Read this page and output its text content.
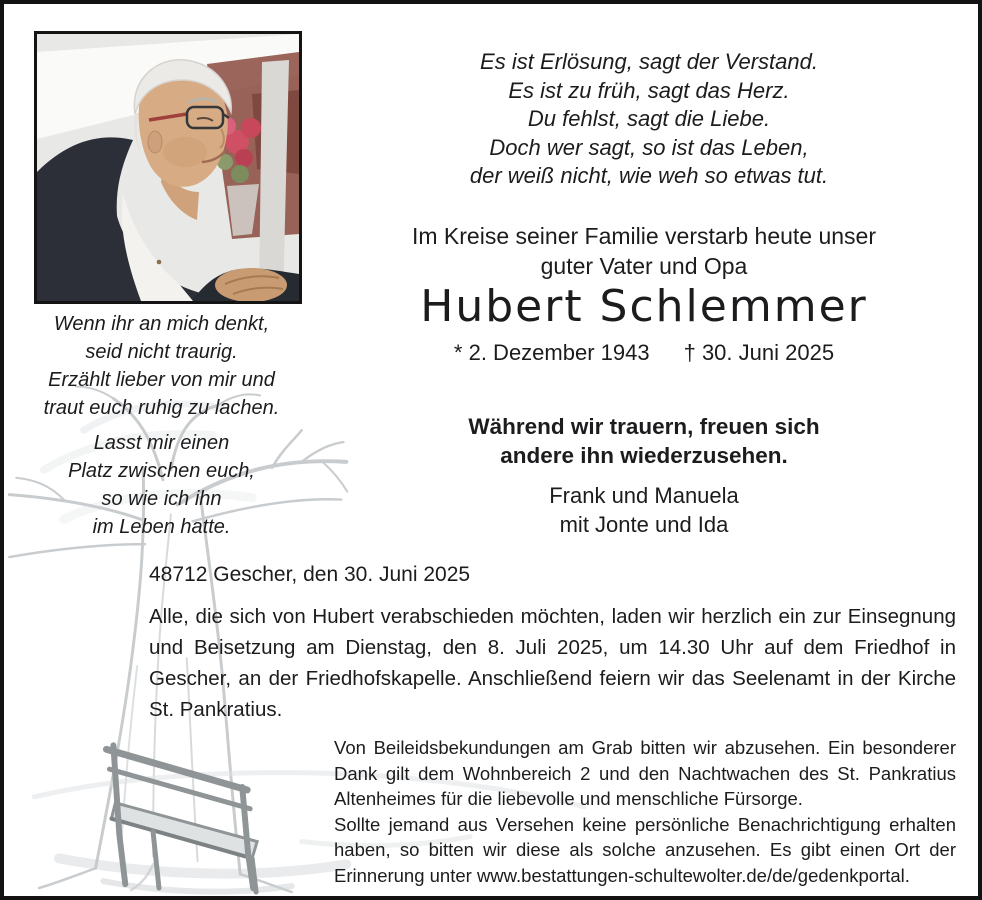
Es ist Erlösung, sagt der Verstand.
Es ist zu früh, sagt das Herz.
Du fehlst, sagt die Liebe.
Doch wer sagt, so ist das Leben,
der weiß nicht, wie weh so etwas tut.
Im Kreise seiner Familie verstarb heute unser
guter Vater und Opa
Hubert Schlemmer
* 2. Dezember 1943 † 30. Juni 2025
Während wir trauern, freuen sich
andere ihn wiederzusehen.
Frank und Manuela
mit Jonte und Ida
Wenn ihr an mich denkt,
seid nicht traurig.
Erzählt lieber von mir und
traut euch ruhig zu lachen.
Lasst mir einen
Platz zwischen euch,
so wie ich ihn
im Leben hatte.
48712 Gescher, den 30. Juni 2025
Alle, die sich von Hubert verabschieden möchten, laden wir herzlich ein zur Einsegnung und Beisetzung am Dienstag, den 8. Juli 2025, um 14.30 Uhr auf dem Friedhof in Gescher, an der Friedhofskapelle. Anschließend feiern wir das Seelenamt in der Kirche St. Pankratius.

Von Beileidsbekundungen am Grab bitten wir abzusehen. Ein besonderer Dank gilt dem Wohnbereich 2 und den Nachtwachen des St. Pankratius Altenheimes für die liebevolle und menschliche Fürsorge.

Sollte jemand aus Versehen keine persönliche Benachrichtigung erhalten haben, so bitten wir diese als solche anzusehen. Es gibt einen Ort der Erinnerung unter www.bestattungen-schultewolter.de/de/gedenkportal.
